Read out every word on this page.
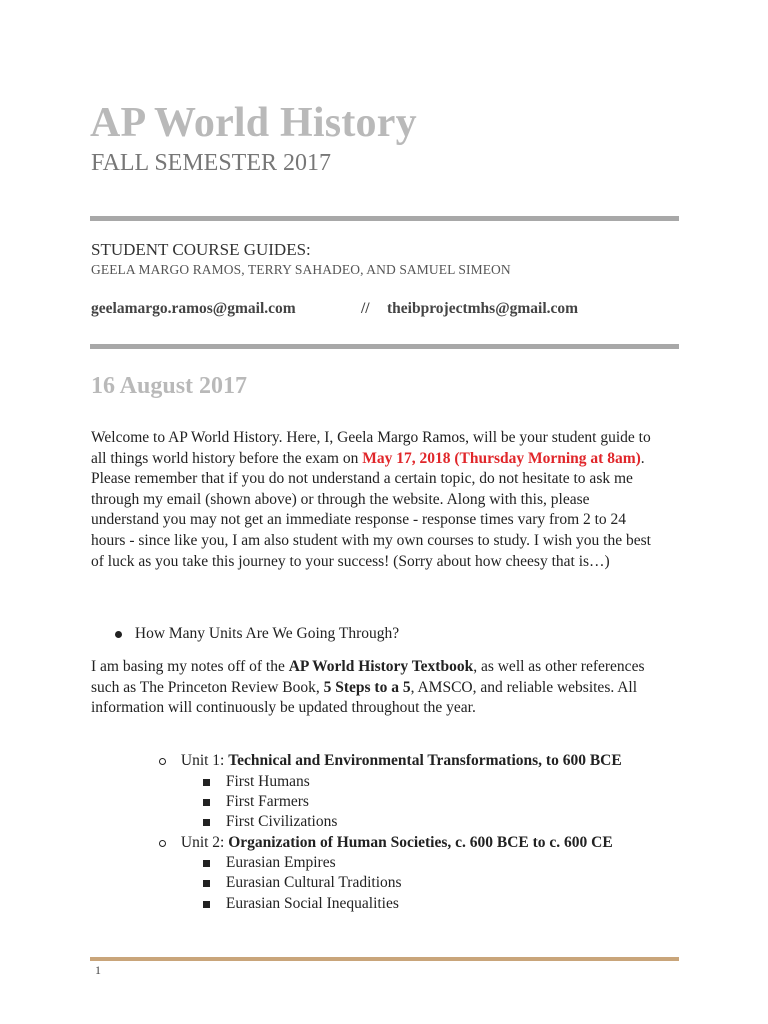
AP World History
FALL SEMESTER 2017
STUDENT COURSE GUIDES:
GEELA MARGO RAMOS, TERRY SAHADEO, AND SAMUEL SIMEON
geelamargo.ramos@gmail.com	// theibprojectmhs@gmail.com
16 August 2017

Welcome to AP World History. Here, I, Geela Margo Ramos, will be your student guide to all things world history before the exam on May 17, 2018 (Thursday Morning at 8am). Please remember that if you do not understand a certain topic, do not hesitate to ask me through my email (shown above) or through the website. Along with this, please understand you may not get an immediate response - response times vary from 2 to 24 hours - since like you, I am also student with my own courses to study. I wish you the best of luck as you take this journey to your success! (Sorry about how cheesy that is…)

How Many Units Are We Going Through?

I am basing my notes off of the AP World History Textbook, as well as other references such as The Princeton Review Book, 5 Steps to a 5, AMSCO, and reliable websites. All information will continuously be updated throughout the year.

Unit 1: Technical and Environmental Transformations, to 600 BCE
First Humans
First Farmers
First Civilizations
Unit 2: Organization of Human Societies, c. 600 BCE to c. 600 CE
Eurasian Empires
Eurasian Cultural Traditions
Eurasian Social Inequalities
1
